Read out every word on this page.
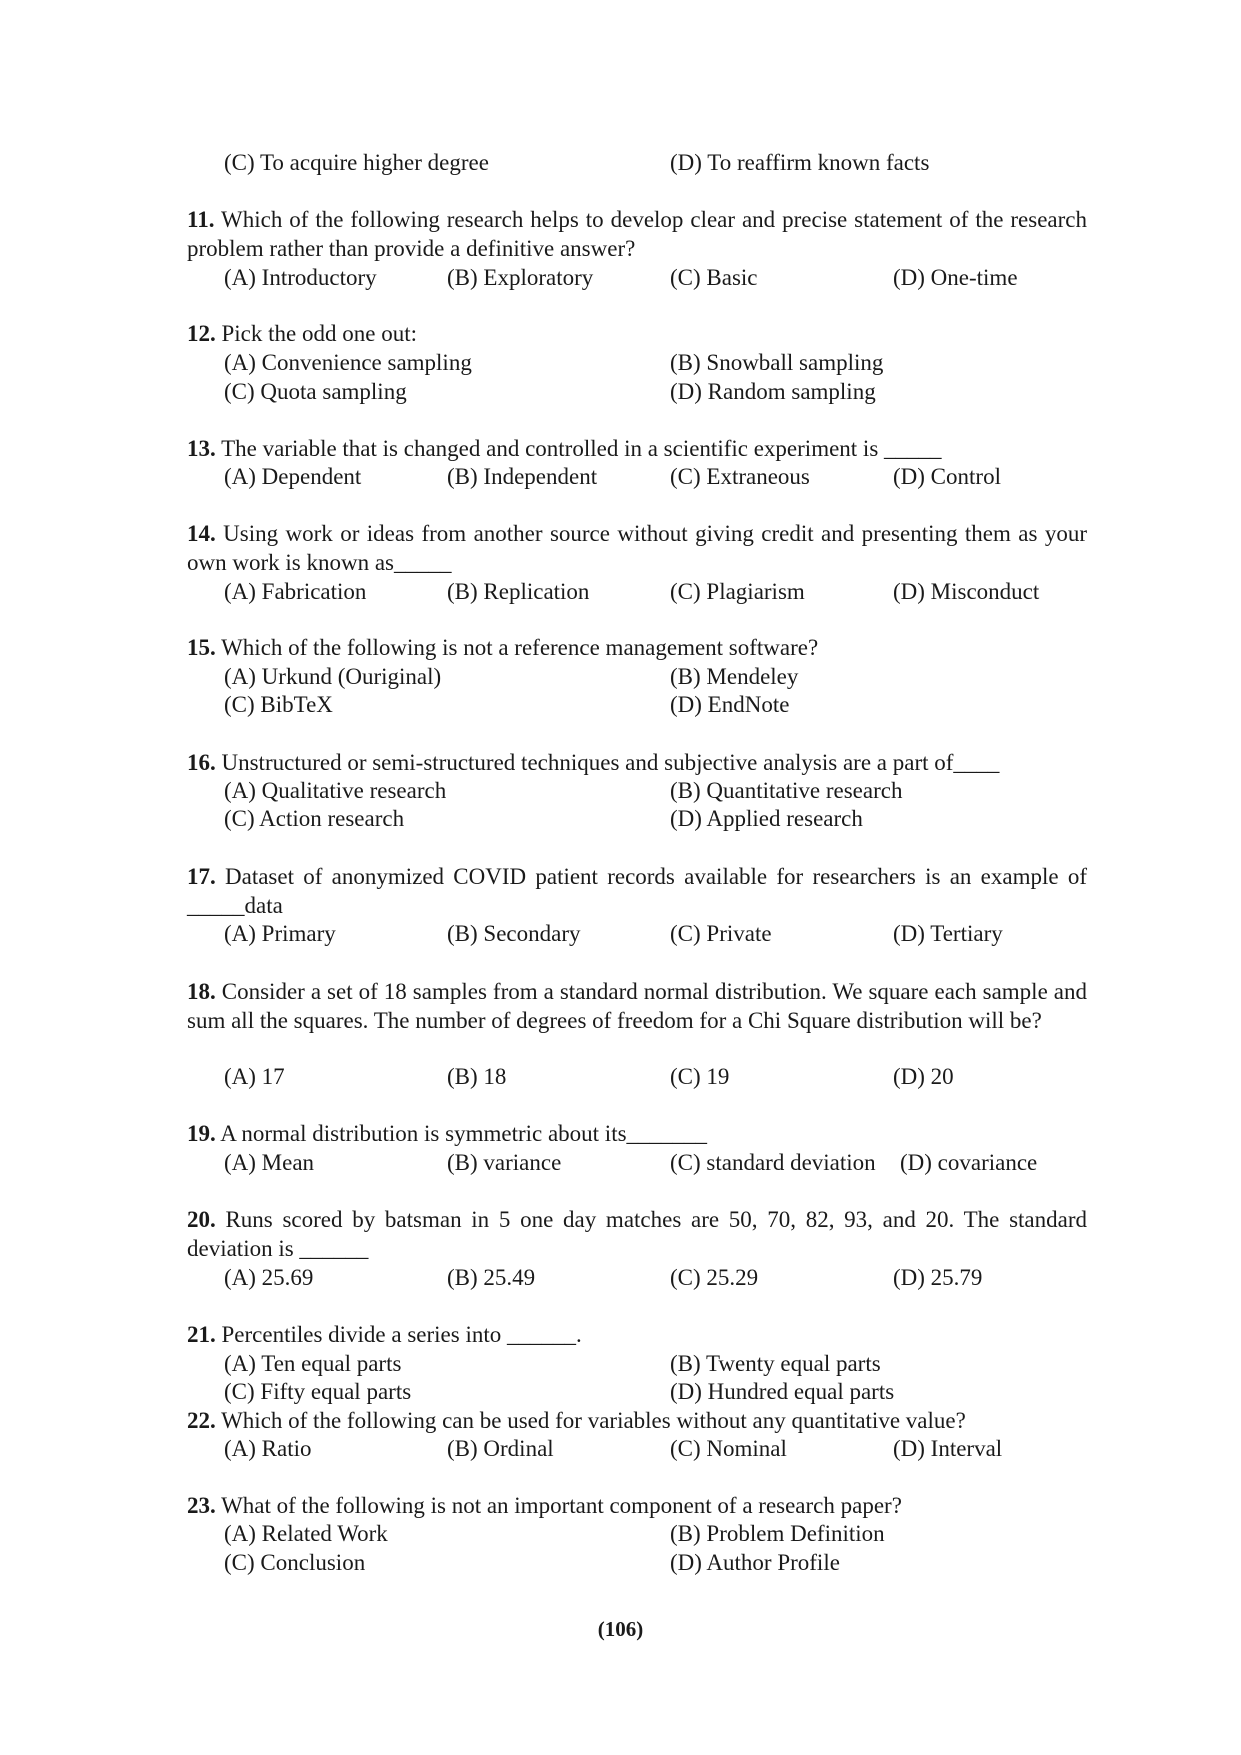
(C) To acquire higher degree	(D) To reaffirm known facts
11. Which of the following research helps to develop clear and precise statement of the research problem rather than provide a definitive answer?
(A) Introductory	(B) Exploratory	(C) Basic	(D) One-time
12. Pick the odd one out:
(A) Convenience sampling	(B) Snowball sampling
(C) Quota sampling	(D) Random sampling
13. The variable that is changed and controlled in a scientific experiment is _____
(A) Dependent	(B) Independent	(C) Extraneous	(D) Control
14. Using work or ideas from another source without giving credit and presenting them as your own work is known as_____
(A) Fabrication	(B) Replication	(C) Plagiarism	(D) Misconduct
15. Which of the following is not a reference management software?
(A) Urkund (Ouriginal)	(B) Mendeley
(C) BibTeX	(D) EndNote
16. Unstructured or semi-structured techniques and subjective analysis are a part of____
(A) Qualitative research	(B) Quantitative research
(C) Action research	(D) Applied research
17. Dataset of anonymized COVID patient records available for researchers is an example of _____data
(A) Primary	(B) Secondary	(C) Private	(D) Tertiary
18. Consider a set of 18 samples from a standard normal distribution. We square each sample and sum all the squares. The number of degrees of freedom for a Chi Square distribution will be?
(A) 17	(B) 18	(C) 19	(D) 20
19. A normal distribution is symmetric about its_______
(A) Mean	(B) variance	(C) standard deviation (D) covariance
20. Runs scored by batsman in 5 one day matches are 50, 70, 82, 93, and 20. The standard deviation is ______
(A) 25.69	(B) 25.49	(C) 25.29	(D) 25.79
21. Percentiles divide a series into ______.
(A) Ten equal parts	(B) Twenty equal parts
(C) Fifty equal parts	(D) Hundred equal parts
22. Which of the following can be used for variables without any quantitative value?
(A) Ratio	(B) Ordinal	(C) Nominal	(D) Interval
23. What of the following is not an important component of a research paper?
(A) Related Work	(B) Problem Definition
(C) Conclusion	(D) Author Profile
(106)
